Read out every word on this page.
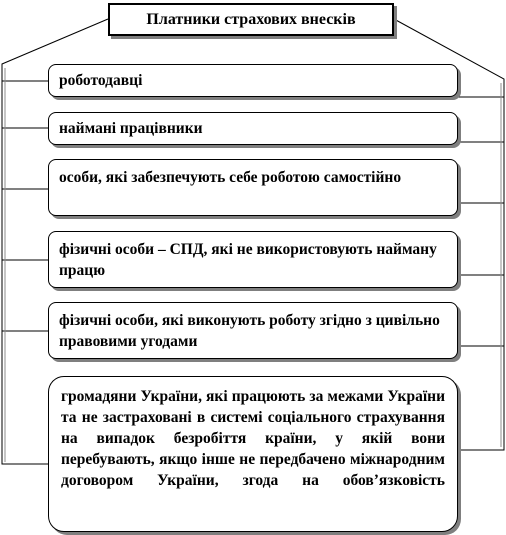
Платники страхових внесків
роботодавці
наймані працівники
особи, які забезпечують себе роботою самостійно
фізичні особи – СПД, які не використовують найману працю
фізичні особи, які виконують роботу згідно з цивільно правовими угодами
громадяни України, які працюють за межами України та не застраховані в системі соціального страхування на випадок безробіття країни, у якій вони перебувають, якщо інше не передбачено міжнародним договором України, згода на обов’язковість
